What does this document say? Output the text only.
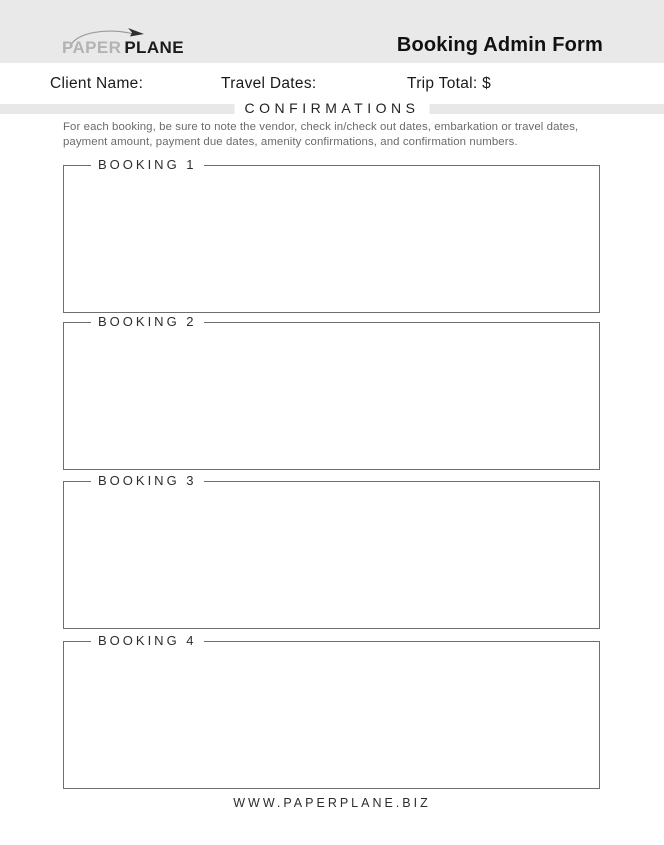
PAPER PLANE	Booking Admin Form
Client Name:	Travel Dates:	Trip Total: $
CONFIRMATIONS

For each booking, be sure to note the vendor, check in/check out dates, embarkation or travel dates, payment amount, payment due dates, amenity confirmations, and confirmation numbers.

BOOKING 1
BOOKING 2
BOOKING 3
BOOKING 4
WWW.PAPERPLANE.BIZ
